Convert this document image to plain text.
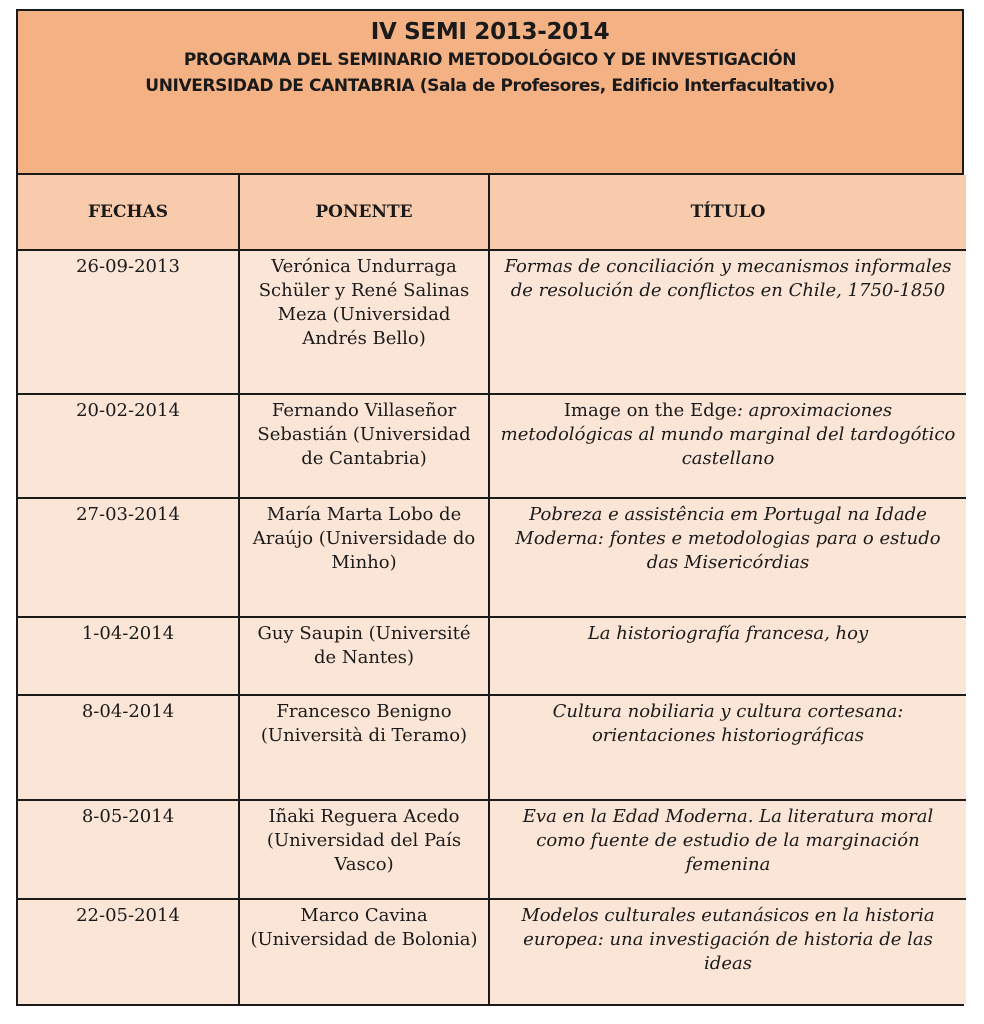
IV SEMI 2013-2014
PROGRAMA DEL SEMINARIO METODOLÓGICO Y DE INVESTIGACIÓN
UNIVERSIDAD DE CANTABRIA (Sala de Profesores, Edificio Interfacultativo)
FECHAS	PONENTE	TÍTULO
26-09-2013	Verónica Undurraga Schüler y René Salinas Meza (Universidad Andrés Bello)	Formas de conciliación y mecanismos informales de resolución de conflictos en Chile, 1750-1850
20-02-2014	Fernando Villaseñor Sebastián (Universidad de Cantabria)	Image on the Edge: aproximaciones metodológicas al mundo marginal del tardogótico castellano
27-03-2014	María Marta Lobo de Araújo (Universidade do Minho)	Pobreza e assistência em Portugal na Idade Moderna: fontes e metodologias para o estudo das Misericórdias
1-04-2014	Guy Saupin (Université de Nantes)	La historiografía francesa, hoy
8-04-2014	Francesco Benigno (Università di Teramo)	Cultura nobiliaria y cultura cortesana: orientaciones historiográficas
8-05-2014	Iñaki Reguera Acedo (Universidad del País Vasco)	Eva en la Edad Moderna. La literatura moral como fuente de estudio de la marginación femenina
22-05-2014	Marco Cavina (Universidad de Bolonia)	Modelos culturales eutanásicos en la historia europea: una investigación de historia de las ideas
